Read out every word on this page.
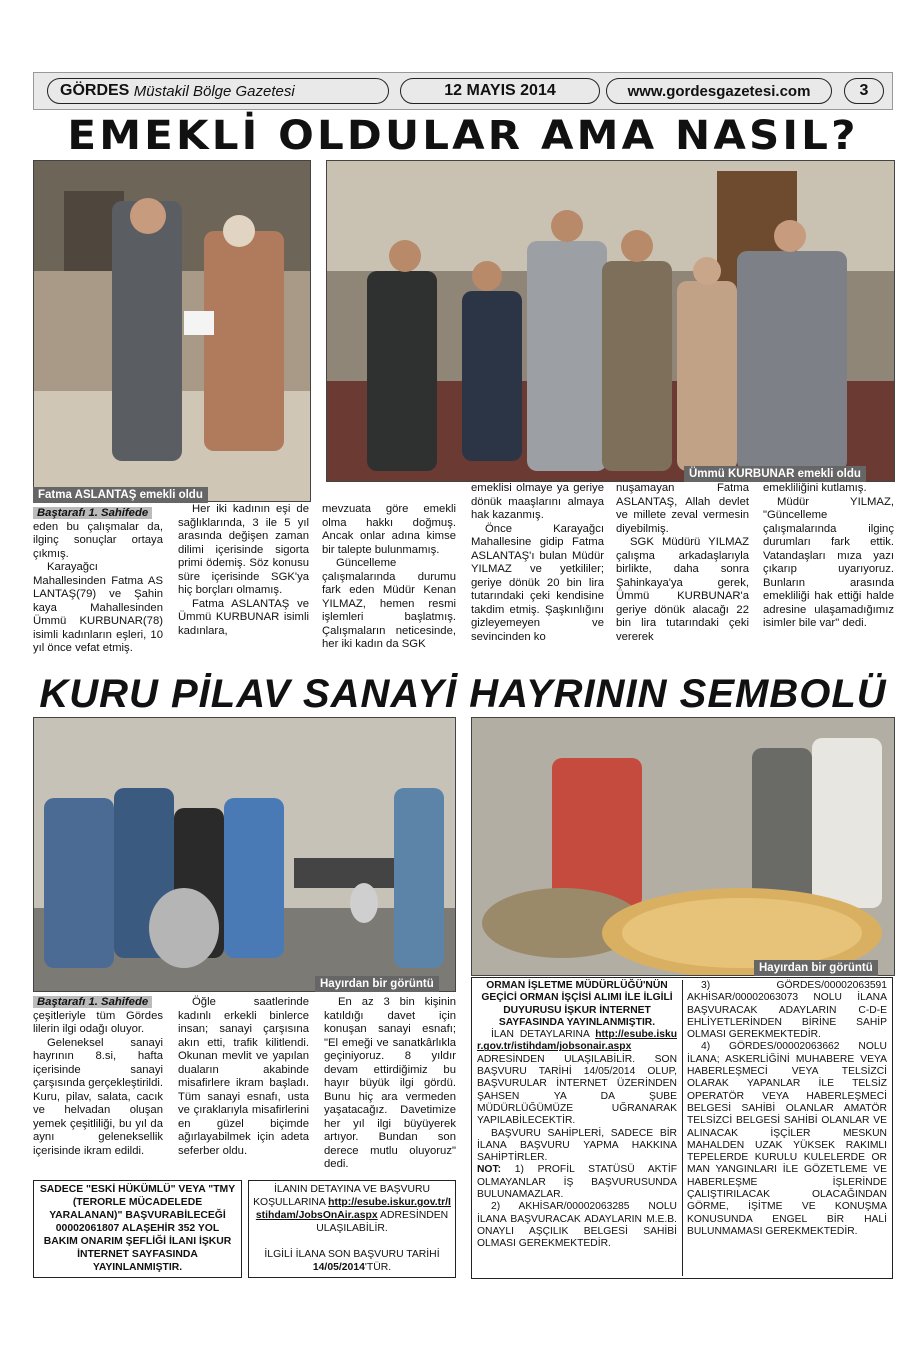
GÖRDES
Müstakil Bölge Gazetesi	12 MAYIS 2014	www.gordesgazetesi.com	3
EMEKLİ OLDULAR AMA NASIL?
Fatma ASLANTAŞ emekli oldu
Ümmü KURBUNAR emekli oldu
Baştarafı 1. Sahifede

eden bu çalışmalar da, ilginç sonuçlar ortaya çıkmış.

Karayağcı Mahallesinden Fatma AS LANTAŞ(79) ve Şahin kaya Mahallesinden Ümmü KURBUNAR(78) isimli kadınların eşleri, 10 yıl önce vefat etmiş.

Her iki kadının eşi de sağlıklarında, 3 ile 5 yıl arasında değişen zaman dilimi içerisinde sigorta primi ödemiş. Söz konusu süre içerisinde SGK'ya hiç borçları olmamış.

Fatma ASLANTAŞ ve Ümmü KURBUNAR isimli kadınlara,

mevzuata göre emekli olma hakkı doğmuş. Ancak onlar adına kimse bir talepte bulunmamış.

Güncelleme çalışmalarında durumu fark eden Müdür Kenan YILMAZ, hemen resmi işlemleri başlatmış. Çalışmaların neticesinde, her iki kadın da SGK

emeklisi olmaye ya geriye dönük maaşlarını almaya hak kazanmış.

Önce Karayağcı Mahallesine gidip Fatma ASLANTAŞ'ı bulan Müdür YILMAZ ve yetkililer; geriye dönük 20 bin lira tutarındaki çeki kendisine takdim etmiş. Şaşkınlığını gizleyemeyen ve sevincinden ko

nuşamayan Fatma ASLANTAŞ, Allah devlet ve millete zeval vermesin diyebilmiş.

SGK Müdürü YILMAZ çalışma arkadaşlarıyla birlikte, daha sonra Şahinkaya'ya gerek, Ümmü KURBUNAR'a geriye dönük alacağı 22 bin lira tutarındaki çeki vererek

emekliliğini kutlamış.

Müdür YILMAZ, "Güncelleme çalışmalarında ilginç durumları fark ettik. Vatandaşları mıza yazı çıkarıp uyarıyoruz. Bunların arasında emekliliği hak ettiği halde adresine ulaşamadığımız isimler bile var" dedi.

KURU PİLAV SANAYİ HAYRININ SEMBOLÜ
Hayırdan bir görüntü
Hayırdan bir görüntü
Baştarafı 1. Sahifede

çeşitleriyle tüm Gördes lilerin ilgi odağı oluyor.

Geleneksel sanayi hayrının 8.si, hafta içerisinde sanayi çarşısında gerçekleştirildi. Kuru, pilav, salata, cacık ve helvadan oluşan yemek çeşitliliği, bu yıl da aynı geleneksellik içerisinde ikram edildi.

Öğle saatlerinde kadınlı erkekli binlerce insan; sanayi çarşısına akın etti, trafik kilitlendi. Okunan mevlit ve yapılan duaların akabinde misafirlere ikram başladı. Tüm sanayi esnafı, usta ve çıraklarıyla misafirlerini en güzel biçimde ağırlayabilmek için adeta seferber oldu.

En az 3 bin kişinin katıldığı davet için konuşan sanayi esnafı; "El emeği ve sanatkârlıkla geçiniyoruz. 8 yıldır devam ettirdiğimiz bu hayır büyük ilgi gördü. Bunu hiç ara vermeden yaşatacağız. Davetimize her yıl ilgi büyüyerek artıyor. Bundan son derece mutlu oluyoruz" dedi.

SADECE "ESKİ HÜKÜMLÜ" VEYA "TMY (TERORLE MÜCADELEDE YARALANAN)" BAŞVURABİLECEĞİ 00002061807 ALAŞEHİR 352 YOL BAKIM ONARIM ŞEFLİĞİ İLANI İŞKUR İNTERNET SAYFASINDA YAYINLANMIŞTIR.
İLANIN DETAYINA VE BAŞVURU KOŞULLARINA http://esube.iskur.gov.tr/Istihdam/JobsOnAir.aspx ADRESİNDEN ULAŞILABİLİR.

İLGİLİ İLANA SON BAŞVURU TARİHİ 14/05/2014'TÜR.
ORMAN İŞLETME MÜDÜRLÜĞÜ'NÜN GEÇİCİ ORMAN İŞÇİSİ ALIMI İLE İLGİLİ DUYURUSU İŞKUR İNTERNET SAYFASINDA YAYINLANMIŞTIR.
İLAN DETAYLARINA http://esube.iskur.gov.tr/istihdam/jobsonair.aspx ADRESİNDEN ULAŞILABİLİR. SON BAŞVURU TARİHİ 14/05/2014 OLUP, BAŞVURULAR İNTERNET ÜZERİNDEN ŞAHSEN YA DA ŞUBE MÜDÜRLÜĞÜMÜZE UĞRANARAK YAPILABİLECEKTİR.
BAŞVURU SAHİPLERİ, SADECE BİR İLANA BAŞVURU YAPMA HAKKINA SAHİPTİRLER.
NOT: 1) PROFİL STATÜSÜ AKTİF OLMAYANLAR İŞ BAŞVURUSUNDA BULUNAMAZLAR.
2) AKHİSAR/00002063285 NOLU İLANA BAŞVURACAK ADAYLARIN M.E.B. ONAYLI AŞÇILIK BELGESİ SAHİBİ OLMASI GEREKMEKTEDİR.
3) GÖRDES/00002063591 AKHİSAR/00002063073 NOLU İLANA BAŞVURACAK ADAYLARIN C-D-E EHLİYETLERİNDEN BİRİNE SAHİP OLMASI GEREKMEKTEDİR.
4) GÖRDES/00002063662 NOLU İLANA; ASKERLİĞİNİ MUHABERE VEYA HABERLEŞMECİ VEYA TELSİZCİ OLARAK YAPANLAR İLE TELSİZ OPERATÖR VEYA HABERLEŞMECİ BELGESİ SAHİBİ OLANLAR AMATÖR TELSİZCİ BELGESİ SAHİBİ OLANLAR VE ALINACAK İŞÇİLER MESKUN MAHALDEN UZAK YÜKSEK RAKIMLI TEPELERDE KURULU KULELERDE OR MAN YANGINLARI İLE GÖZETLEME VE HABERLEŞME İŞLERİNDE ÇALIŞTIRILACAK OLACAĞINDAN GÖRME, İŞİTME VE KONUŞMA KONUSUNDA ENGEL BİR HALİ BULUNMAMASI GEREKMEKTEDİR.
